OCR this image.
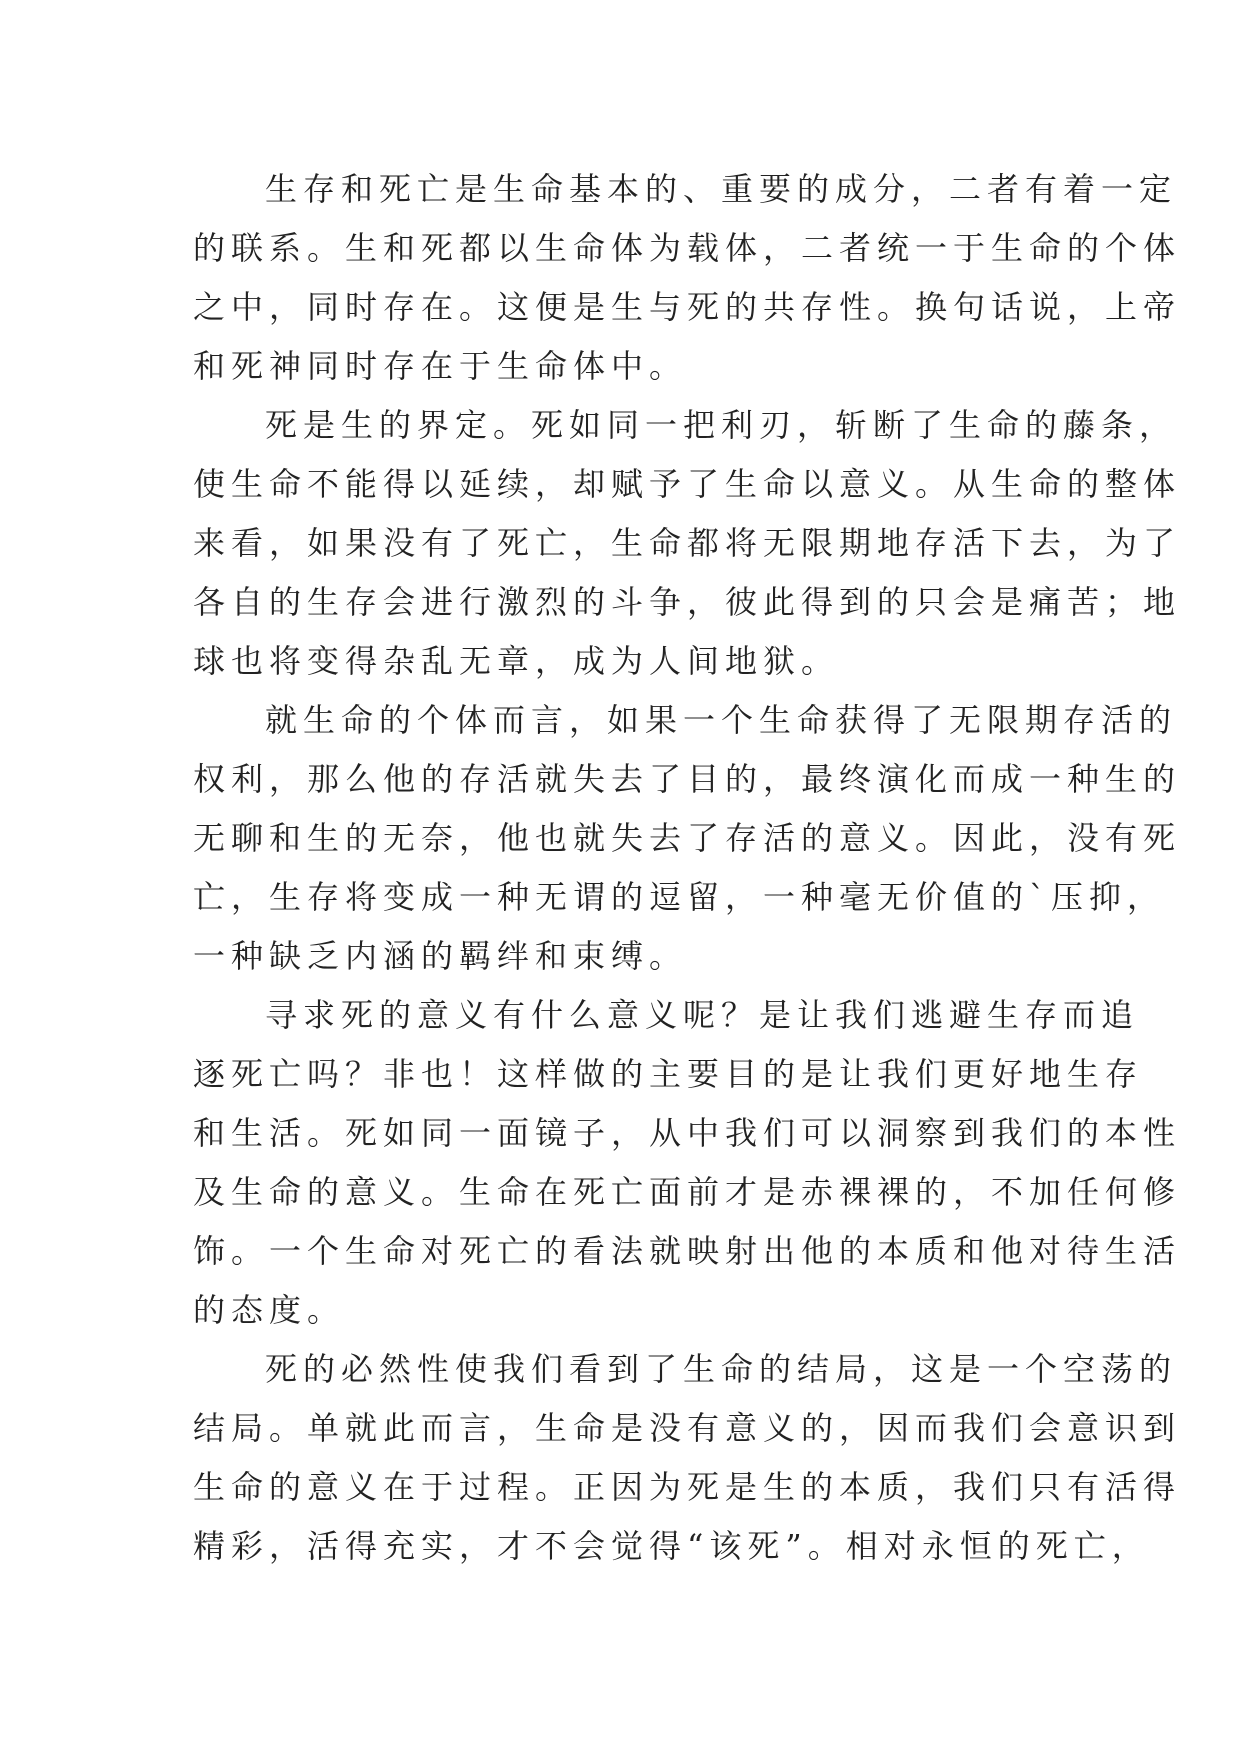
生存和死亡是生命基本的、重要的成分，二者有着一定
的联系。生和死都以生命体为载体，二者统一于生命的个体
之中，同时存在。这便是生与死的共存性。换句话说，上帝
和死神同时存在于生命体中。
死是生的界定。死如同一把利刃，斩断了生命的藤条，
使生命不能得以延续，却赋予了生命以意义。从生命的整体
来看，如果没有了死亡，生命都将无限期地存活下去，为了
各自的生存会进行激烈的斗争，彼此得到的只会是痛苦；地
球也将变得杂乱无章，成为人间地狱。
就生命的个体而言，如果一个生命获得了无限期存活的
权利，那么他的存活就失去了目的，最终演化而成一种生的
无聊和生的无奈，他也就失去了存活的意义。因此，没有死
亡，生存将变成一种无谓的逗留，一种毫无价值的`压抑，
一种缺乏内涵的羁绊和束缚。
寻求死的意义有什么意义呢？是让我们逃避生存而追
逐死亡吗？非也！这样做的主要目的是让我们更好地生存
和生活。死如同一面镜子，从中我们可以洞察到我们的本性
及生命的意义。生命在死亡面前才是赤裸裸的，不加任何修
饰。一个生命对死亡的看法就映射出他的本质和他对待生活
的态度。
死的必然性使我们看到了生命的结局，这是一个空荡的
结局。单就此而言，生命是没有意义的，因而我们会意识到
生命的意义在于过程。正因为死是生的本质，我们只有活得
精彩，活得充实，才不会觉得“该死”。相对永恒的死亡，
